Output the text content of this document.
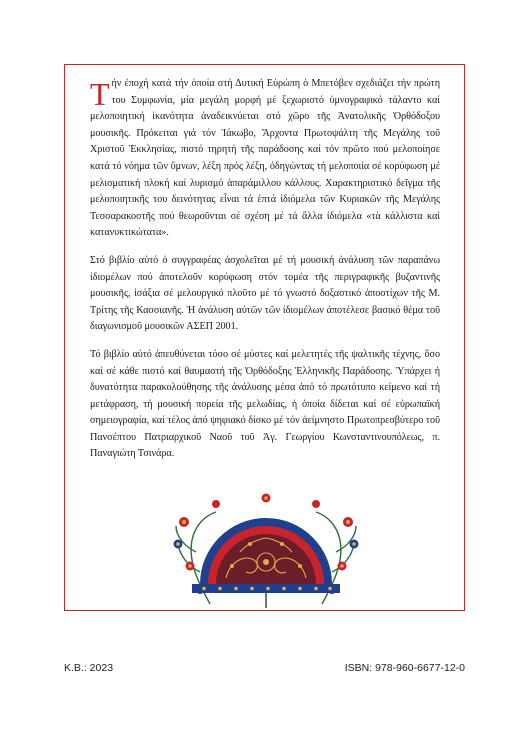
Τήν ἐποχή κατά τήν ὁποία στή Δυτική Εὐρώπη ὁ Μπετόβεν σχεδιάζει τήν πρώτη του Συμφωνία, μία μεγάλη μορφή μέ ξεχωριστό ὑμνογραφικό τάλαντο καί μελοποιητική ἱκανότητα ἀναδεικνύεται στό χῶρο τῆς Ἀνατολικῆς Ὀρθόδοξου μουσικῆς. Πρόκειται γιά τόν Ἰάκωβο, Ἄρχοντα Πρωτοψάλτη τῆς Μεγάλης τοῦ Χριστοῦ Ἐκκλησίας, πιστό τηρητή τῆς παράδοσης καί τόν πρῶτο πού μελοποίησε κατά τό νόημα τῶν ὕμνων, λέξη πρός λέξη, ὁδηγώντας τή μελοποιία σέ κορύφωση μέ μελισματική πλοκή καί λυρισμό ἀπαράμιλλου κάλλους. Χαρακτηριστικό δεῖγμα τῆς μελοποιητικῆς του δεινότητας εἶναι τά ἑπτά ἰδιόμελα τῶν Κυριακῶν τῆς Μεγάλης Τεσσαρακοστῆς πού θεωροῦνται σέ σχέση μέ τά ἄλλα ἰδιόμελα «τὰ κάλλιστα καὶ κατανυκτικώτατα».

Στό βιβλίο αὐτό ὁ συγγραφέας ἀσχολεῖται μέ τή μουσική ἀνάλυση τῶν παραπάνω ἰδιομέλων πού ἀποτελοῦν κορύφωση στόν τομέα τῆς περιγραφικῆς βυζαντινῆς μουσικῆς, ἰσάξια σέ μελουργικό πλοῦτο μέ τό γνωστό δοξαστικό ἀποστίχων τῆς Μ. Τρίτης τῆς Κασσιανῆς. Ἡ ἀνάλυση αὐτῶν τῶν ἰδιομέλων ἀποτέλεσε βασικό θέμα τοῦ διαγωνισμοῦ μουσικῶν ΑΣΕΠ 2001.

Τό βιβλίο αὐτό ἀπευθύνεται τόσο σέ μύστες καί μελετητές τῆς ψαλτικῆς τέχνης, ὅσο καί σέ κάθε πιστό καί θαυμαστή τῆς Ὀρθόδοξης Ἑλληνικῆς Παράδοσης. Ὑπάρχει ἡ δυνατότητα παρακολούθησης τῆς ἀνάλυσης μέσα ἀπό τό πρωτότυπο κείμενο καί τή μετάφραση, τή μουσική πορεία τῆς μελωδίας, ἡ ὁποία δίδεται καί σέ εὐρωπαϊκή σημειογραφία, καί τέλος ἀπό ψηφιακό δίσκο μέ τόν ἀείμνηστο Πρωτοπρεσβύτερο τοῦ Πανσέπτου Πατριαρχικοῦ Ναοῦ τοῦ Ἁγ. Γεωργίου Κωνσταντινουπόλεως, π. Παναγιώτη Τσινάρα.

Κ.Β.: 2023	ISBN: 978-960-6677-12-0
